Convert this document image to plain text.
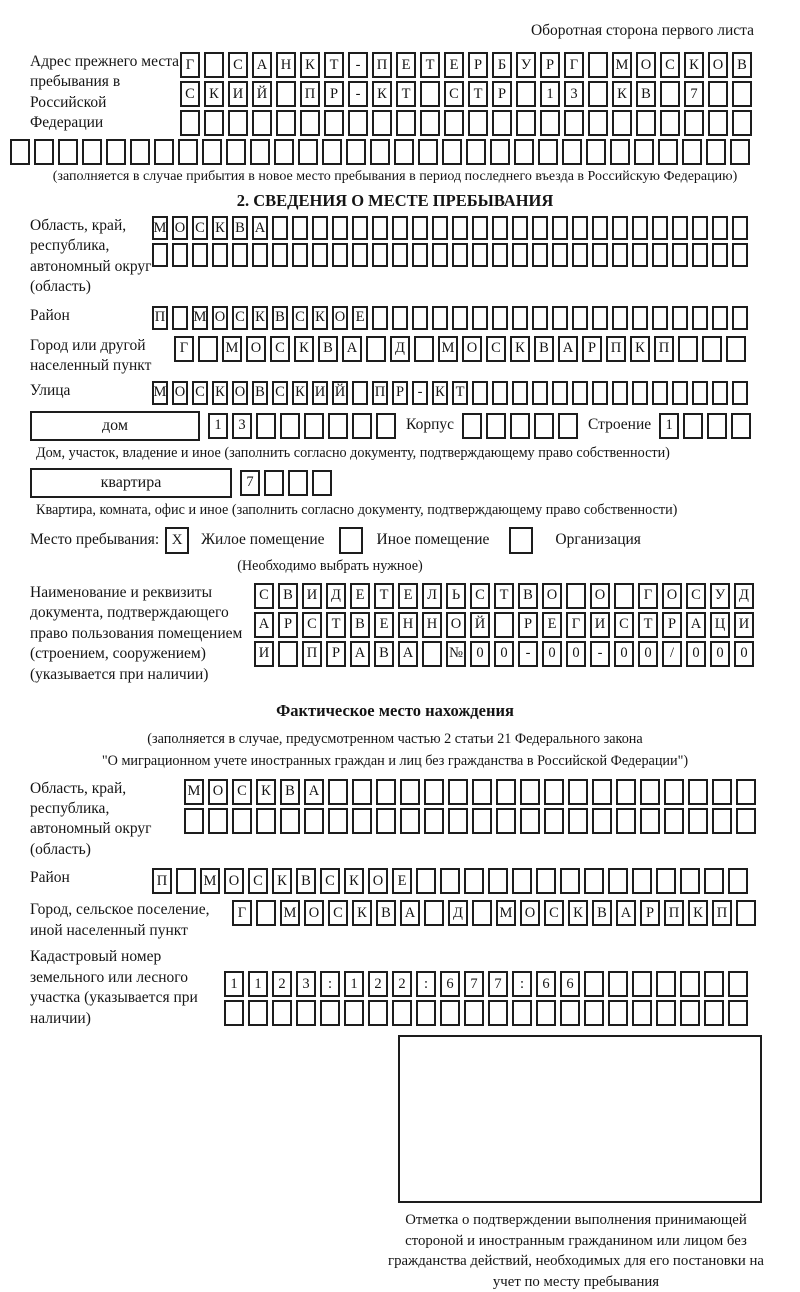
Оборотная сторона первого листа
Адрес прежнего места пребывания в Российской Федерации
Г	С А Н К	Т	-	П Е	Т	Е	Р	Б	У	Р	Г	М О С К О В
С К И Й	П	Р	-	К	Т	С	Т	Р	1	3	К В	7
(заполняется в случае прибытия в новое место пребывания в период последнего въезда в Российскую Федерацию)
2. СВЕДЕНИЯ О МЕСТЕ ПРЕБЫВАНИЯ
Область, край, республика, автономный округ (область)
М О С К В А
Район	П М О С К В С К О Е
Город или другой населенный пункт
Г	М О С К В А	Д	М О С К В А	Р	П К П
Улица	М О С К О В С К И Й П Р - К Т
дом	1	3	Корпус	Строение 1
Дом, участок, владение и иное (заполнить согласно документу, подтверждающему право собственности)
квартира	7
Квартира, комната, офис и иное (заполнить согласно документу, подтверждающему право собственности)
Место пребывания: X	Жилое помещение	Иное помещение	Организация
(Необходимо выбрать нужное)
Наименование и реквизиты документа, подтверждающего право пользования помещением (строением, сооружением) (указывается при наличии)
С В И Д	Е	Т	Е	Л	Ь	С	Т	В О	О	Г	О С У Д
А	Р	С	Т	В	Е Н Н О Й	Р	Е	Г	И С	Т	Р	А Ц И
И	П	Р	А В А	№ 0	0	-	0	0	-	0	0	/	0	0	0
Фактическое место нахождения
(заполняется в случае, предусмотренном частью 2 статьи 21 Федерального закона
"О миграционном учете иностранных граждан и лиц без гражданства в Российской Федерации")
Область, край, республика, автономный округ (область)
М О С К В А
Район	П	М О С К В С К О Е
Город, сельское поселение, иной населенный пункт
Г	М О С К В А	Д	М О С К В А	Р	П К П
Кадастровый номер земельного или лесного участка (указывается при наличии)
1	1	2	3	:	1	2	2	:	6	7	7	:	6	6
Отметка о подтверждении выполнения принимающей стороной и иностранным гражданином или лицом без гражданства действий, необходимых для его постановки на учет по месту пребывания
